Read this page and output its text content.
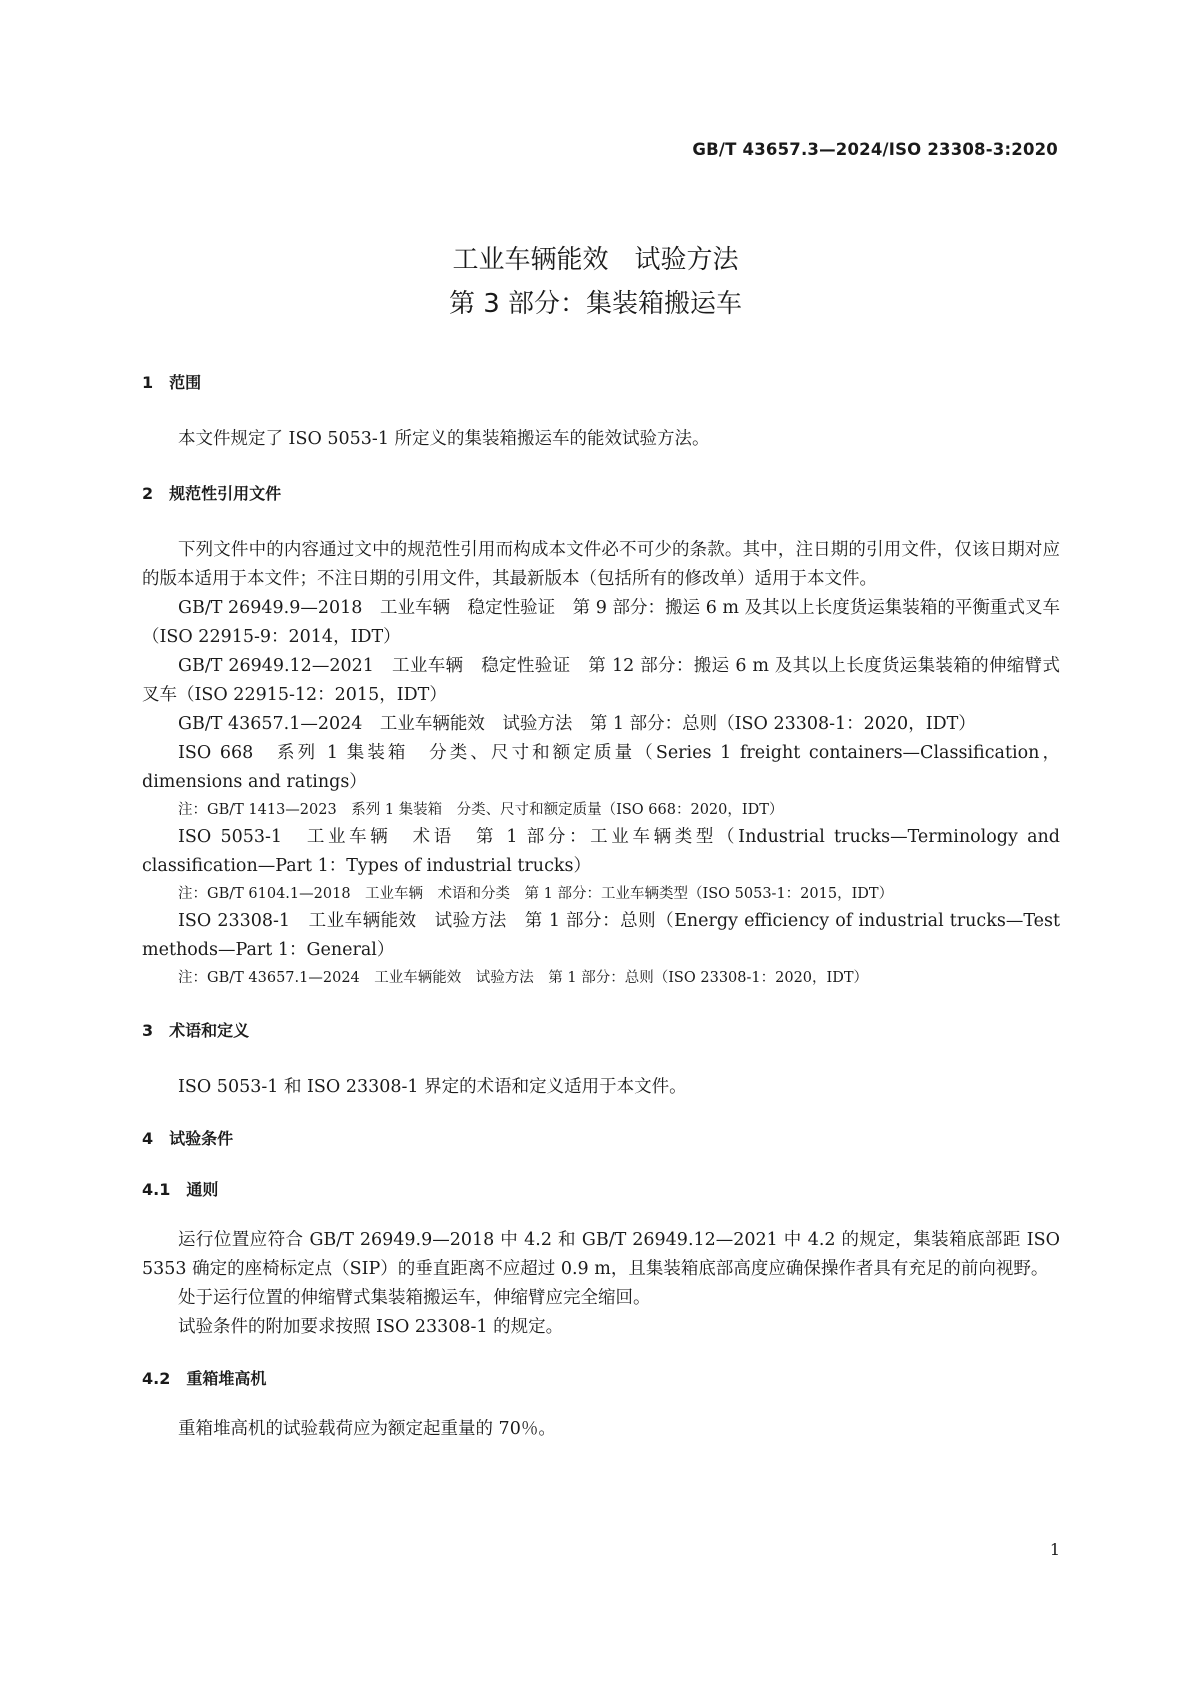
GB/T 43657.3—2024/ISO 23308-3:2020
工业车辆能效　试验方法
第 3 部分：集装箱搬运车
1　范围
本文件规定了 ISO 5053-1 所定义的集装箱搬运车的能效试验方法。
2　规范性引用文件
下列文件中的内容通过文中的规范性引用而构成本文件必不可少的条款。其中，注日期的引用文件，仅该日期对应的版本适用于本文件；不注日期的引用文件，其最新版本（包括所有的修改单）适用于本文件。
GB/T 26949.9—2018　工业车辆　稳定性验证　第 9 部分：搬运 6 m 及其以上长度货运集装箱的平衡重式叉车（ISO 22915-9：2014，IDT）
GB/T 26949.12—2021　工业车辆　稳定性验证　第 12 部分：搬运 6 m 及其以上长度货运集装箱的伸缩臂式叉车（ISO 22915-12：2015，IDT）
GB/T 43657.1—2024　工业车辆能效　试验方法　第 1 部分：总则（ISO 23308-1：2020，IDT）
ISO 668　系列 1 集装箱　分类、尺寸和额定质量（Series 1 freight containers—Classification，dimensions and ratings）
注：GB/T 1413—2023　系列 1 集装箱　分类、尺寸和额定质量（ISO 668：2020，IDT）
ISO 5053-1　工业车辆　术语　第 1 部分：工业车辆类型（Industrial trucks—Terminology and classification—Part 1：Types of industrial trucks）
注：GB/T 6104.1—2018　工业车辆　术语和分类　第 1 部分：工业车辆类型（ISO 5053-1：2015，IDT）
ISO 23308-1　工业车辆能效　试验方法　第 1 部分：总则（Energy efficiency of industrial trucks—Test methods—Part 1：General）
注：GB/T 43657.1—2024　工业车辆能效　试验方法　第 1 部分：总则（ISO 23308-1：2020，IDT）
3　术语和定义
ISO 5053-1 和 ISO 23308-1 界定的术语和定义适用于本文件。
4　试验条件
4.1　通则
运行位置应符合 GB/T 26949.9—2018 中 4.2 和 GB/T 26949.12—2021 中 4.2 的规定，集装箱底部距 ISO 5353 确定的座椅标定点（SIP）的垂直距离不应超过 0.9 m，且集装箱底部高度应确保操作者具有充足的前向视野。
处于运行位置的伸缩臂式集装箱搬运车，伸缩臂应完全缩回。
试验条件的附加要求按照 ISO 23308-1 的规定。
4.2　重箱堆高机
重箱堆高机的试验载荷应为额定起重量的 70％。
1
